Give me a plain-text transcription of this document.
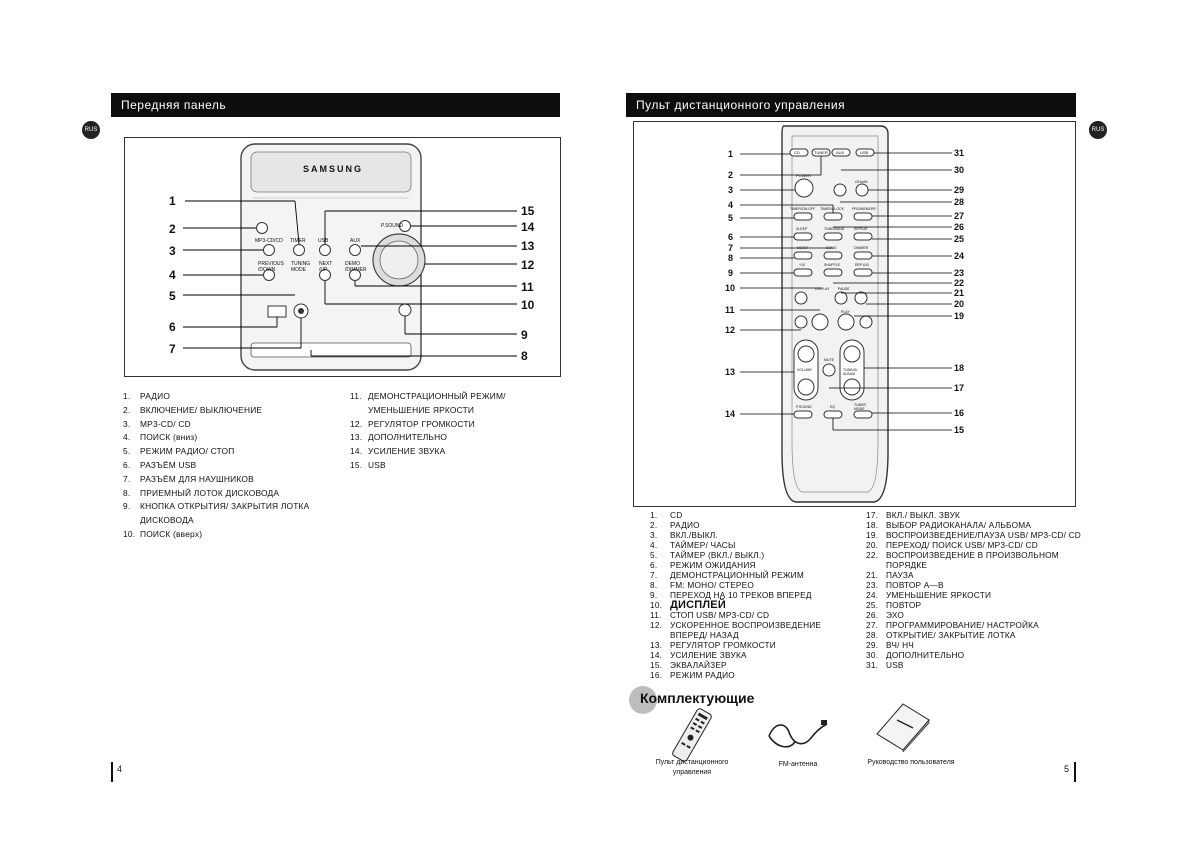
Передняя панель
RUS
SAMSUNG
MP3-CD/CD TIMER USB	AUX
P.SOUND
PREVIOUS
/DOWN
TUNING
MODE
NEXT
/UP
DEMO
/DIMMER
1
2
3
4
5
6
7
15
14
13
12
11
10
9
8
1.	РАДИО
2.	ВКЛЮЧЕНИЕ/ ВЫКЛЮЧЕНИЕ
3.	MP3-CD/ CD
4.	ПОИСК (вниз)
5.	РЕЖИМ РАДИО/ СТОП
6.	РАЗЪЁМ USB
7.	РАЗЪЁМ ДЛЯ НАУШНИКОВ
8.	ПРИЕМНЫЙ ЛОТОК ДИСКОВОДА
9.	КНОПКА ОТКРЫТИЯ/ ЗАКРЫТИЯ ЛОТКА
ДИСКОВОДА
10. ПОИСК (вверх)
11. ДЕМОНСТРАЦИОННЫЙ РЕЖИМ/
УМЕНЬШЕНИЕ ЯРКОСТИ
12. РЕГУЛЯТОР ГРОМКОСТИ
13. ДОПОЛНИТЕЛЬНО
14. УСИЛЕНИЕ ЗВУКА
15. USB
4
Пульт дистанционного управления
RUS
CD	TUNER AUX	USB
POWER
GHz/M
TIMER/ON-OFF TIMER/CLOCK PRG/MEMORY
SLEEP	TUNE/BAND	REPEAT
MO/ST	DEMO	DIMMER
+10	SHUFFLE	REP A-B
DISPLAY PAUSE
PLAY
VOLUME
MUTE
TUNING/ ALBUM
P.SOUND	EQ	TUNER MODE
1
2
3
4
5
6
7
8
9
10
11
12
13
14
31
30
29
28
27
26
25
24
23
22
21
20
19
18
17
16
15
1.	CD
2.	РАДИО
3.	ВКЛ./ВЫКЛ.
4.	ТАЙМЕР/ ЧАСЫ
5.	ТАЙМЕР (ВКЛ./ ВЫКЛ.)
6.	РЕЖИМ ОЖИДАНИЯ
7.	ДЕМОНСТРАЦИОННЫЙ РЕЖИМ
8.	FM: МОНО/ СТЕРЕО
9.	ПЕРЕХОД НА 10 ТРЕКОВ ВПЕРЕД
10. ДИСПЛЕЙ
11.	СТОП USB/ MP3-CD/ CD
12. УСКОРЕННОЕ ВОСПРОИЗВЕДЕНИЕ
ВПЕРЕД/ НАЗАД
13. РЕГУЛЯТОР ГРОМКОСТИ
14. УСИЛЕНИЕ ЗВУКА
15. ЭКВАЛАЙЗЕР
16. РЕЖИМ РАДИО
17. ВКЛ./ ВЫКЛ. ЗВУК
18. ВЫБОР РАДИОКАНАЛА/ АЛЬБОМА
19. ВОСПРОИЗВЕДЕНИЕ/ПАУЗА USB/ MP3-CD/ CD
20. ПЕРЕХОД/ ПОИСК USB/ MP3-CD/ CD
22. ВОСПРОИЗВЕДЕНИЕ В ПРОИЗВОЛЬНОМ
ПОРЯДКЕ
21. ПАУЗА
23. ПОВТОР A—B
24. УМЕНЬШЕНИЕ ЯРКОСТИ
25. ПОВТОР
26. ЭХО
27. ПРОГРАММИРОВАНИЕ/ НАСТРОЙКА
28. ОТКРЫТИЕ/ ЗАКРЫТИЕ ЛОТКА
29. ВЧ/ НЧ
30. ДОПОЛНИТЕЛЬНО
31. USB
Комплектующие
Пульт дистанционного управления
FM-антенна	Руководство пользователя
5
